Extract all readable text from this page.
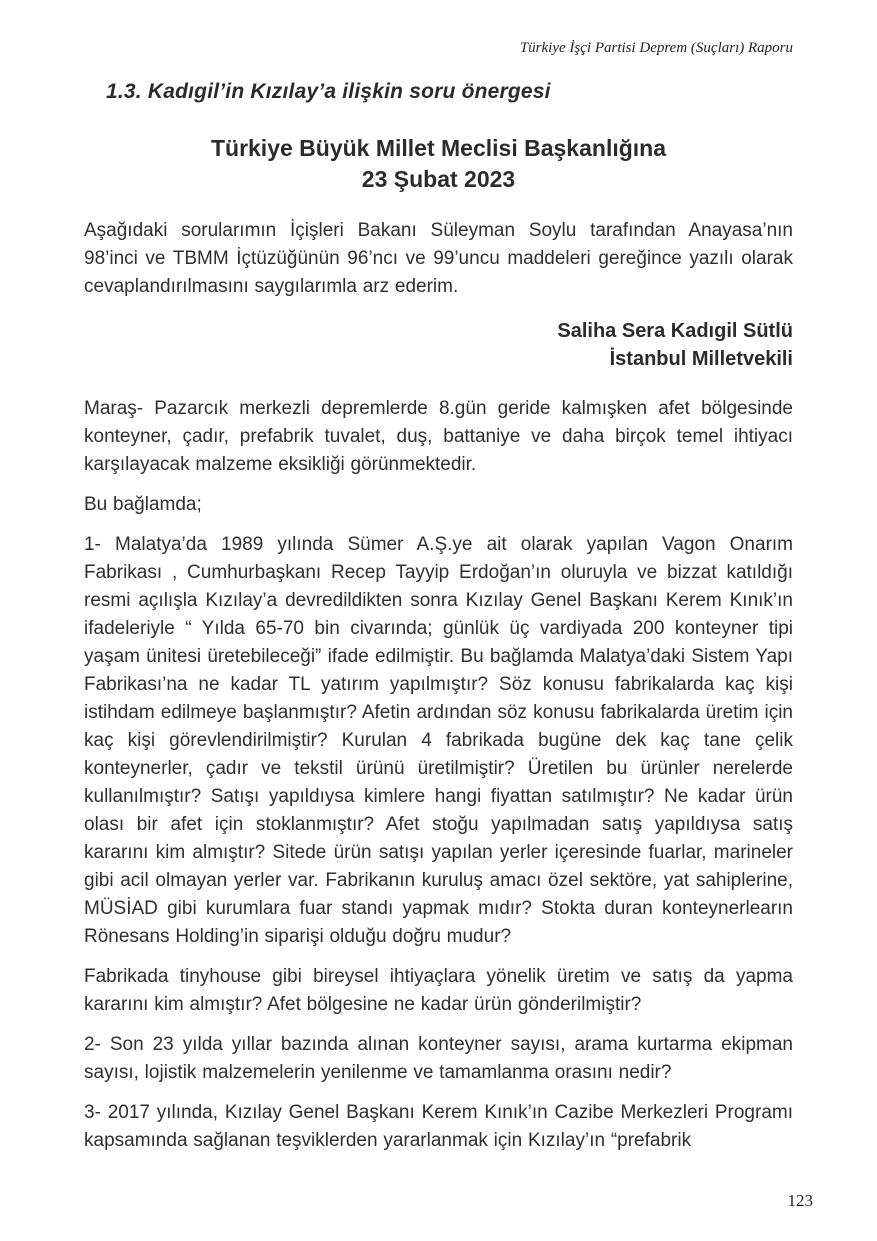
Türkiye İşçi Partisi Deprem (Suçları) Raporu
1.3. Kadıgil’in Kızılay’a ilişkin soru önergesi
Türkiye Büyük Millet Meclisi Başkanlığına
23 Şubat 2023

Aşağıdaki sorularımın İçişleri Bakanı Süleyman Soylu tarafından Anayasa’nın 98’inci ve TBMM İçtüzüğünün 96’ncı ve 99’uncu maddeleri gereğince yazılı olarak cevaplandırılmasını saygılarımla arz ederim.

Saliha Sera Kadıgil Sütlü
İstanbul Milletvekili

Maraş- Pazarcık merkezli depremlerde 8.gün geride kalmışken afet bölgesinde konteyner, çadır, prefabrik tuvalet, duş, battaniye ve daha birçok temel ihtiyacı karşılayacak malzeme eksikliği görünmektedir.

Bu bağlamda;

1- Malatya’da 1989 yılında Sümer A.Ş.ye ait olarak yapılan Vagon Onarım Fabrikası , Cumhurbaşkanı Recep Tayyip Erdoğan’ın oluruyla ve bizzat katıldığı resmi açılışla Kızılay’a devredildikten sonra Kızılay Genel Başkanı Kerem Kınık’ın ifadeleriyle “ Yılda 65-70 bin civarında; günlük üç vardiyada 200 konteyner tipi yaşam ünitesi üretebileceği” ifade edilmiştir. Bu bağlamda Malatya’daki Sistem Yapı Fabrikası’na ne kadar TL yatırım yapılmıştır? Söz konusu fabrikalarda kaç kişi istihdam edilmeye başlanmıştır? Afetin ardından söz konusu fabrikalarda üretim için kaç kişi görevlendirilmiştir? Kurulan 4 fabrikada bugüne dek kaç tane çelik konteynerler, çadır ve tekstil ürünü üretilmiştir? Üretilen bu ürünler nerelerde kullanılmıştır? Satışı yapıldıysa kimlere hangi fiyattan satılmıştır? Ne kadar ürün olası bir afet için stoklanmıştır? Afet stoğu yapılmadan satış yapıldıysa satış kararını kim almıştır? Sitede ürün satışı yapılan yerler içeresinde fuarlar, marineler gibi acil olmayan yerler var. Fabrikanın kuruluş amacı özel sektöre, yat sahiplerine, MÜSİAD gibi kurumlara fuar standı yapmak mıdır? Stokta duran konteynerlearın Rönesans Holding’in siparişi olduğu doğru mudur?

Fabrikada tinyhouse gibi bireysel ihtiyaçlara yönelik üretim ve satış da yapma kararını kim almıştır? Afet bölgesine ne kadar ürün gönderilmiştir?

2- Son 23 yılda yıllar bazında alınan konteyner sayısı, arama kurtarma ekipman sayısı, lojistik malzemelerin yenilenme ve tamamlanma orasını nedir?

3- 2017 yılında, Kızılay Genel Başkanı Kerem Kınık’ın Cazibe Merkezleri Programı kapsamında sağlanan teşviklerden yararlanmak için Kızılay’ın “prefabrik

123
